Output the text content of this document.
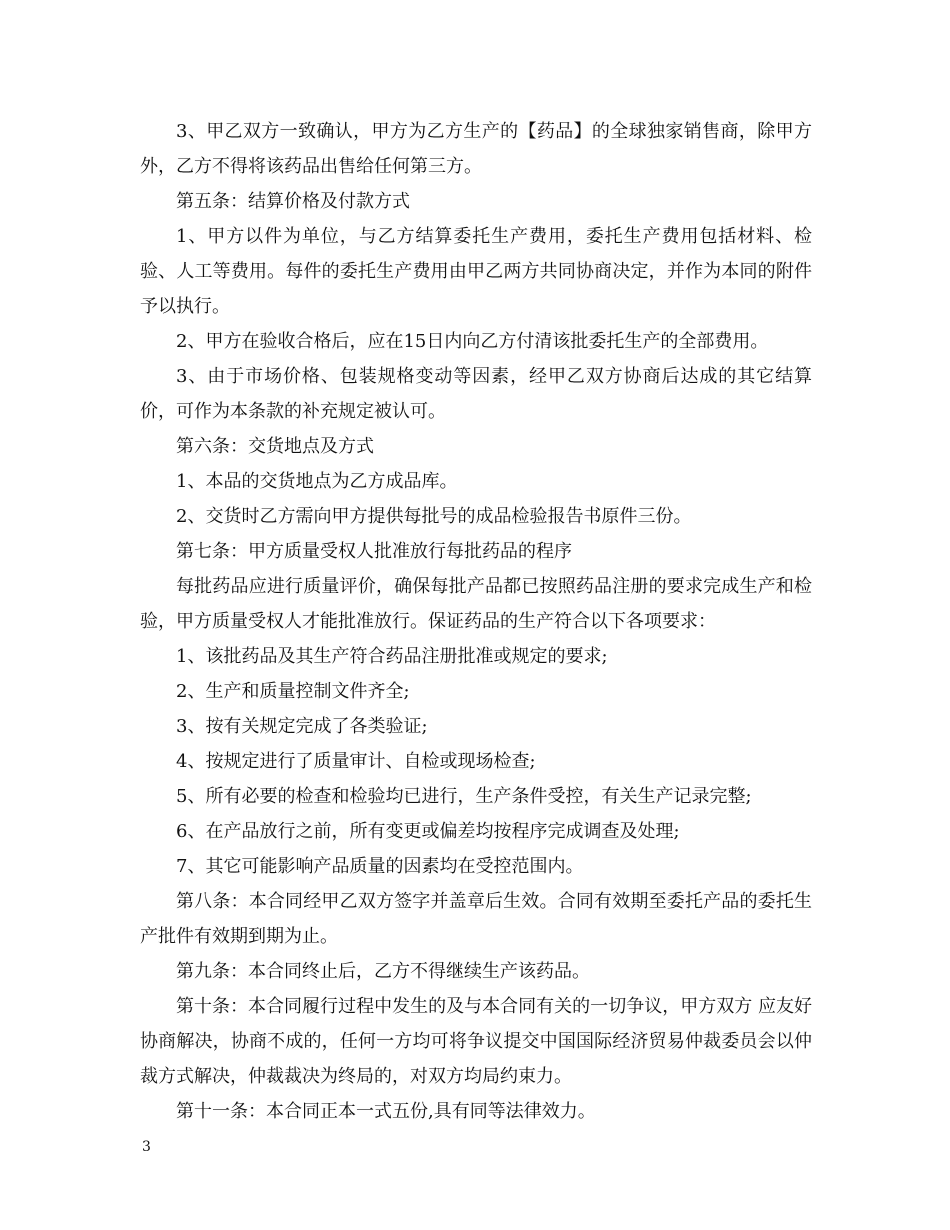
3、甲乙双方一致确认，甲方为乙方生产的【药品】的全球独家销售商，除甲方外，乙方不得将该药品出售给任何第三方。

第五条：结算价格及付款方式

1、甲方以件为单位，与乙方结算委托生产费用，委托生产费用包括材料、检验、人工等费用。每件的委托生产费用由甲乙两方共同协商决定，并作为本同的附件予以执行。

2、甲方在验收合格后，应在15日内向乙方付清该批委托生产的全部费用。

3、由于市场价格、包装规格变动等因素，经甲乙双方协商后达成的其它结算价，可作为本条款的补充规定被认可。

第六条：交货地点及方式

1、本品的交货地点为乙方成品库。

2、交货时乙方需向甲方提供每批号的成品检验报告书原件三份。

第七条：甲方质量受权人批准放行每批药品的程序

每批药品应进行质量评价，确保每批产品都已按照药品注册的要求完成生产和检验，甲方质量受权人才能批准放行。保证药品的生产符合以下各项要求：

1、该批药品及其生产符合药品注册批准或规定的要求;

2、生产和质量控制文件齐全;

3、按有关规定完成了各类验证;

4、按规定进行了质量审计、自检或现场检查;

5、所有必要的检查和检验均已进行，生产条件受控，有关生产记录完整;

6、在产品放行之前，所有变更或偏差均按程序完成调查及处理;

7、其它可能影响产品质量的因素均在受控范围内。

第八条：本合同经甲乙双方签字并盖章后生效。合同有效期至委托产品的委托生产批件有效期到期为止。

第九条：本合同终止后，乙方不得继续生产该药品。

第十条：本合同履行过程中发生的及与本合同有关的一切争议，甲方双方 应友好协商解决，协商不成的，任何一方均可将争议提交中国国际经济贸易仲裁委员会以仲裁方式解决，仲裁裁决为终局的，对双方均局约束力。

第十一条：本合同正本一式五份,具有同等法律效力。

3
